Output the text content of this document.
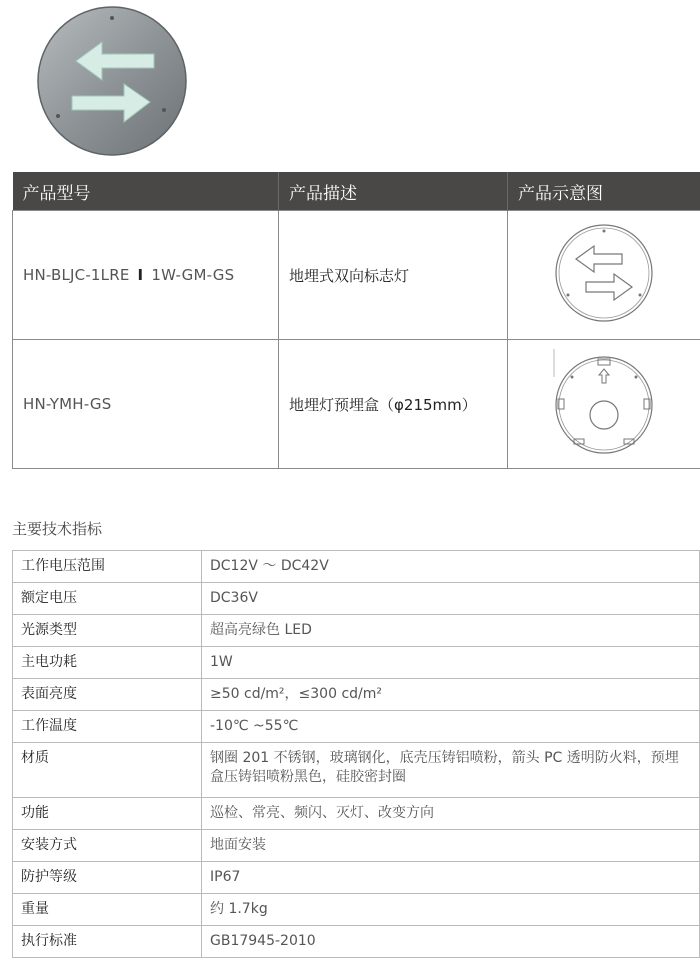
产品型号	产品描述	产品示意图
HN-BLJC-1LRE I 1W-GM-GS	地埋式双向标志灯	
HN-YMH-GS	地埋灯预埋盒（φ215mm）	
主要技术指标
工作电压范围	DC12V ～ DC42V
额定电压	DC36V
光源类型	超高亮绿色 LED
主电功耗	1W
表面亮度	≥50 cd/m²，≤300 cd/m²
工作温度	-10℃ ~55℃
材质	钢圈 201 不锈钢，玻璃钢化，底壳压铸铝喷粉，箭头 PC 透明防火料，预埋盒压铸铝喷粉黑色，硅胶密封圈
功能	巡检、常亮、频闪、灭灯、改变方向
安装方式	地面安装
防护等级	IP67
重量	约 1.7kg
执行标准	GB17945-2010
